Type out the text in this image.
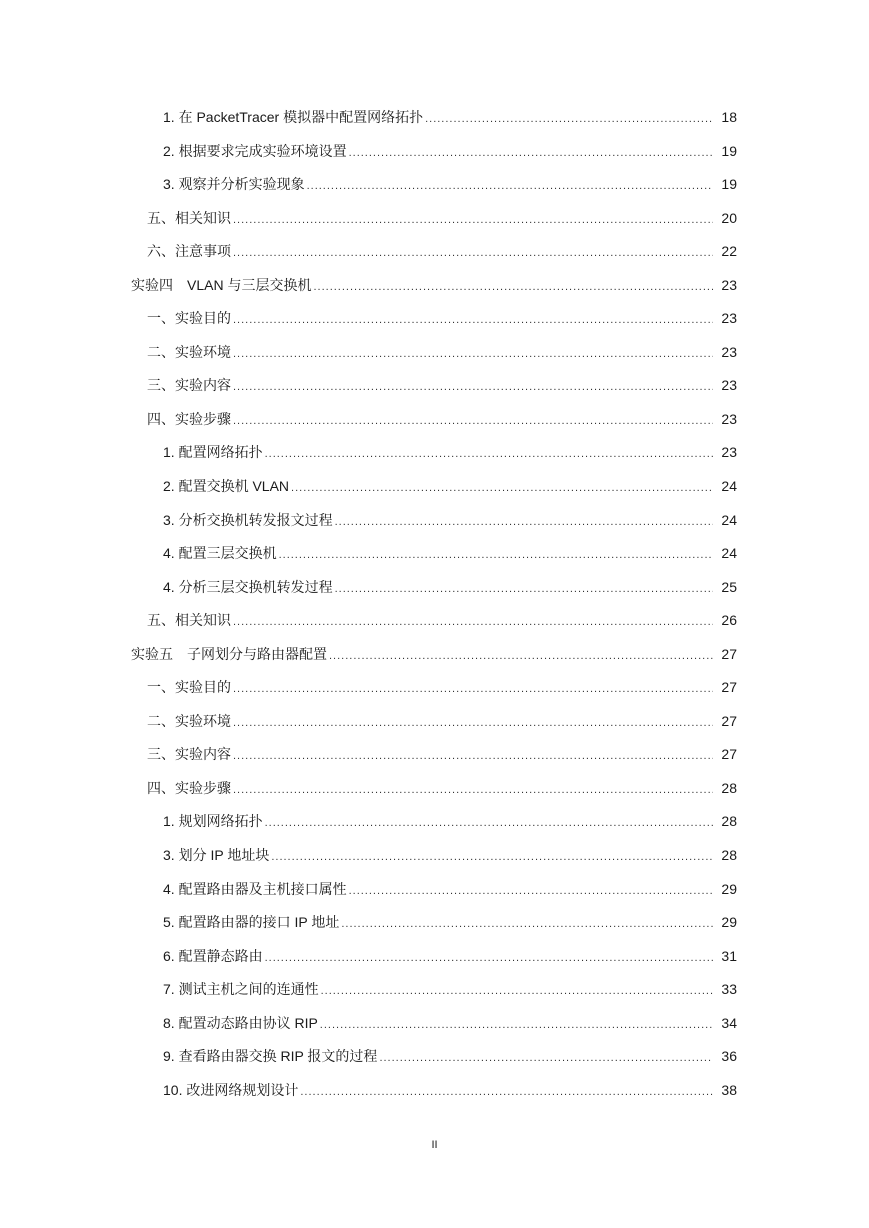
1. 在 PacketTracer 模拟器中配置网络拓扑 .....	18
2. 根据要求完成实验环境设置 .....	19
3. 观察并分析实验现象 .....	19
五、相关知识 .....	20
六、注意事项 .....	22
实验四　VLAN 与三层交换机 .....	23
一、实验目的 .....	23
二、实验环境 .....	23
三、实验内容 .....	23
四、实验步骤 .....	23
1. 配置网络拓扑 .....	23
2. 配置交换机 VLAN .....	24
3. 分析交换机转发报文过程 .....	24
4. 配置三层交换机 .....	24
4. 分析三层交换机转发过程 .....	25
五、相关知识 .....	26
实验五　子网划分与路由器配置 .....	27
一、实验目的 .....	27
二、实验环境 .....	27
三、实验内容 .....	27
四、实验步骤 .....	28
1. 规划网络拓扑 .....	28
3. 划分 IP 地址块 .....	28
4. 配置路由器及主机接口属性 .....	29
5. 配置路由器的接口 IP 地址 .....	29
6. 配置静态路由 .....	31
7. 测试主机之间的连通性 .....	33
8. 配置动态路由协议 RIP .....	34
9. 查看路由器交换 RIP 报文的过程 .....	36
10. 改进网络规划设计 .....	38
II
